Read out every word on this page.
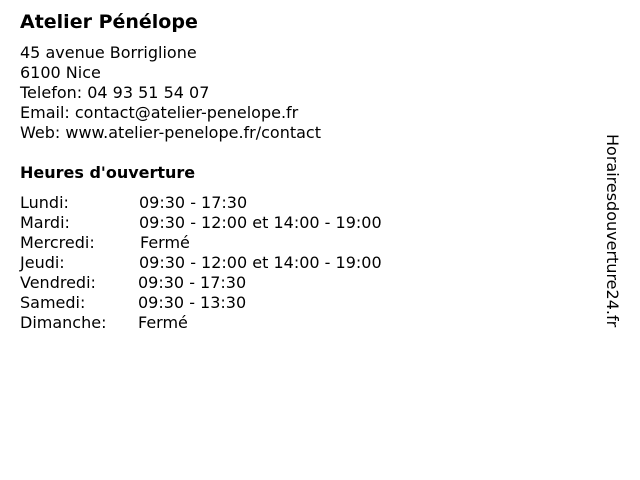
Atelier Pénélope
45 avenue Borriglione
6100 Nice
Telefon: 04 93 51 54 07
Email: contact@atelier-penelope.fr
Web: www.atelier-penelope.fr/contact
Heures d'ouverture
Lundi:	09:30 - 17:30
Mardi:	09:30 - 12:00 et 14:00 - 19:00
Mercredi:	Fermé
Jeudi:	09:30 - 12:00 et 14:00 - 19:00
Vendredi:	09:30 - 17:30
Samedi:	09:30 - 13:30
Dimanche: Fermé	Horairesdouverture24.fr
